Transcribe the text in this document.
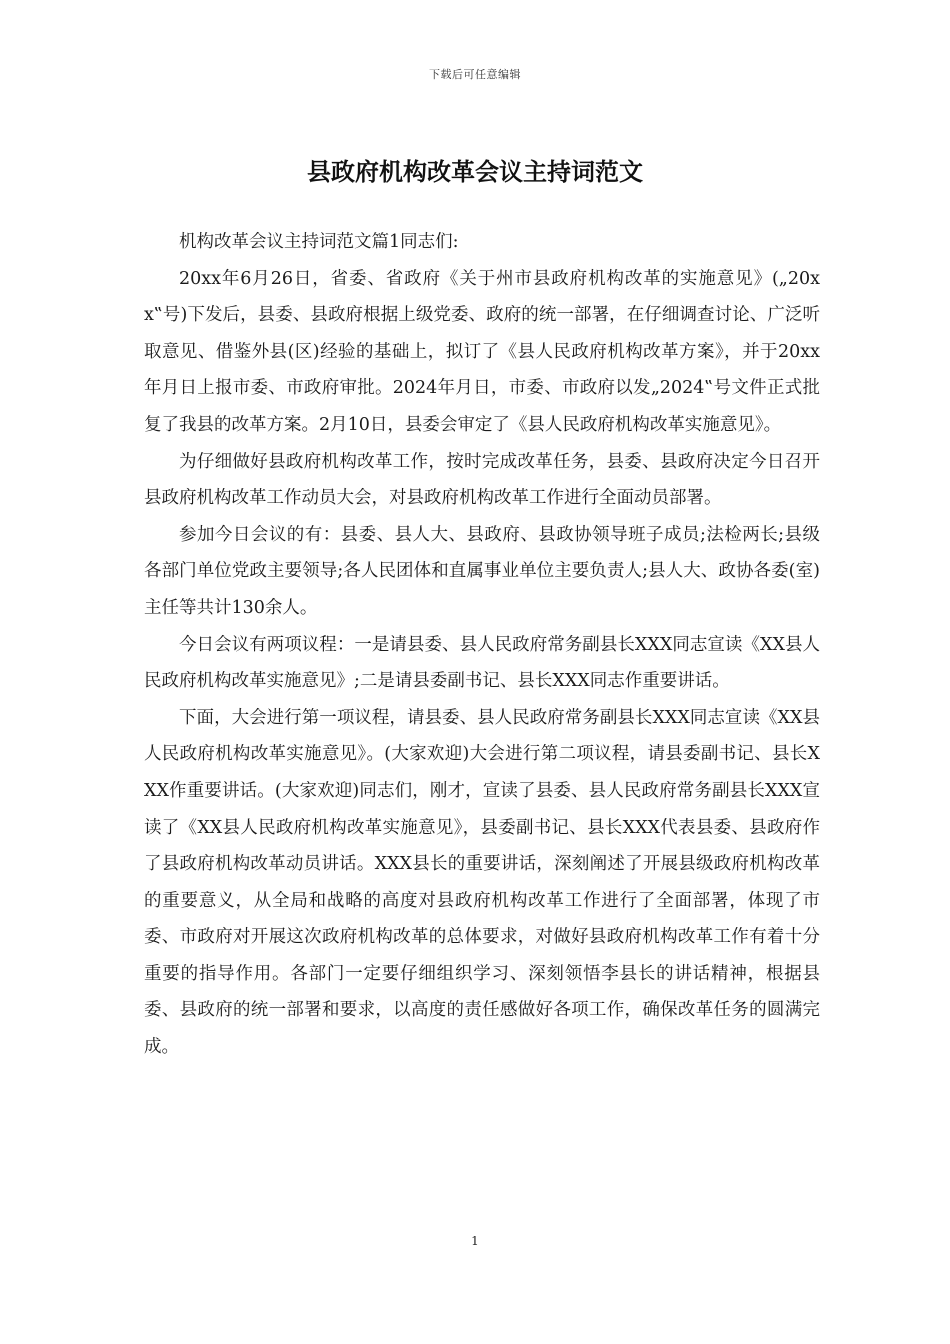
下载后可任意编辑
县政府机构改革会议主持词范文

机构改革会议主持词范文篇1同志们:

20xx年6月26日，省委、省政府《关于州市县政府机构改革的实施意见》(„20xx‟号)下发后，县委、县政府根据上级党委、政府的统一部署，在仔细调查讨论、广泛听取意见、借鉴外县(区)经验的基础上，拟订了《县人民政府机构改革方案》，并于20xx年月日上报市委、市政府审批。2024年月日，市委、市政府以发„2024‟号文件正式批复了我县的改革方案。2月10日，县委会审定了《县人民政府机构改革实施意见》。

为仔细做好县政府机构改革工作，按时完成改革任务，县委、县政府决定今日召开县政府机构改革工作动员大会，对县政府机构改革工作进行全面动员部署。

参加今日会议的有：县委、县人大、县政府、县政协领导班子成员;法检两长;县级各部门单位党政主要领导;各人民团体和直属事业单位主要负责人;县人大、政协各委(室)主任等共计130余人。

今日会议有两项议程：一是请县委、县人民政府常务副县长XXX同志宣读《XX县人民政府机构改革实施意见》;二是请县委副书记、县长XXX同志作重要讲话。

下面，大会进行第一项议程，请县委、县人民政府常务副县长XXX同志宣读《XX县人民政府机构改革实施意见》。(大家欢迎)大会进行第二项议程，请县委副书记、县长XXX作重要讲话。(大家欢迎)同志们，刚才，宣读了县委、县人民政府常务副县长XXX宣读了《XX县人民政府机构改革实施意见》，县委副书记、县长XXX代表县委、县政府作了县政府机构改革动员讲话。XXX县长的重要讲话，深刻阐述了开展县级政府机构改革的重要意义，从全局和战略的高度对县政府机构改革工作进行了全面部署，体现了市委、市政府对开展这次政府机构改革的总体要求，对做好县政府机构改革工作有着十分重要的指导作用。各部门一定要仔细组织学习、深刻领悟李县长的讲话精神，根据县委、县政府的统一部署和要求，以高度的责任感做好各项工作，确保改革任务的圆满完成。

1
